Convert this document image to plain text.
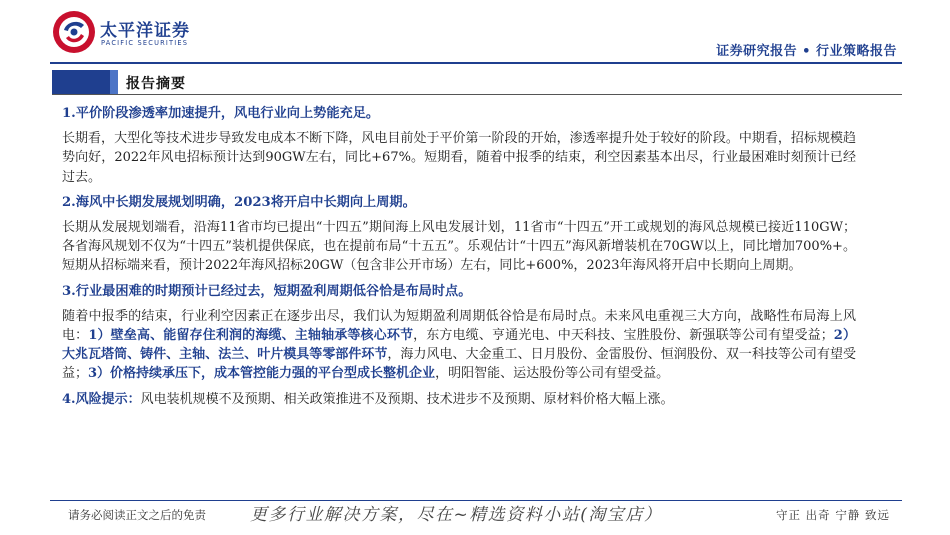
太平洋证券
PACIFIC SECURITIES
证券研究报告 • 行业策略报告
报告摘要
1.平价阶段渗透率加速提升，风电行业向上势能充足。
长期看，大型化等技术进步导致发电成本不断下降，风电目前处于平价第一阶段的开始，渗透率提升处于较好的阶段。中期看，招标规模趋势向好，2022年风电招标预计达到90GW左右，同比+67%。短期看，随着中报季的结束，利空因素基本出尽，行业最困难时刻预计已经过去。
2.海风中长期发展规划明确，2023将开启中长期向上周期。
长期从发展规划端看，沿海11省市均已提出“十四五”期间海上风电发展计划，11省市“十四五”开工或规划的海风总规模已接近110GW；各省海风规划不仅为“十四五”装机提供保底，也在提前布局“十五五”。乐观估计“十四五”海风新增装机在70GW以上，同比增加700%+。短期从招标端来看，预计2022年海风招标20GW（包含非公开市场）左右，同比+600%，2023年海风将开启中长期向上周期。
3.行业最困难的时期预计已经过去，短期盈利周期低谷恰是布局时点。
随着中报季的结束，行业利空因素正在逐步出尽，我们认为短期盈利周期低谷恰是布局时点。未来风电重视三大方向，战略性布局海上风电：1）壁垒高、能留存住利润的海缆、主轴轴承等核心环节，东方电缆、亨通光电、中天科技、宝胜股份、新强联等公司有望受益；2）大兆瓦塔筒、铸件、主轴、法兰、叶片模具等零部件环节，海力风电、大金重工、日月股份、金雷股份、恒润股份、双一科技等公司有望受益；3）价格持续承压下，成本管控能力强的平台型成长整机企业，明阳智能、运达股份等公司有望受益。
4.风险提示：风电装机规模不及预期、相关政策推进不及预期、技术进步不及预期、原材料价格大幅上涨。
请务必阅读正文之后的免责	更多行业解决方案，尽在~精选资料小站(淘宝店）	守正 出奇 宁静 致远
